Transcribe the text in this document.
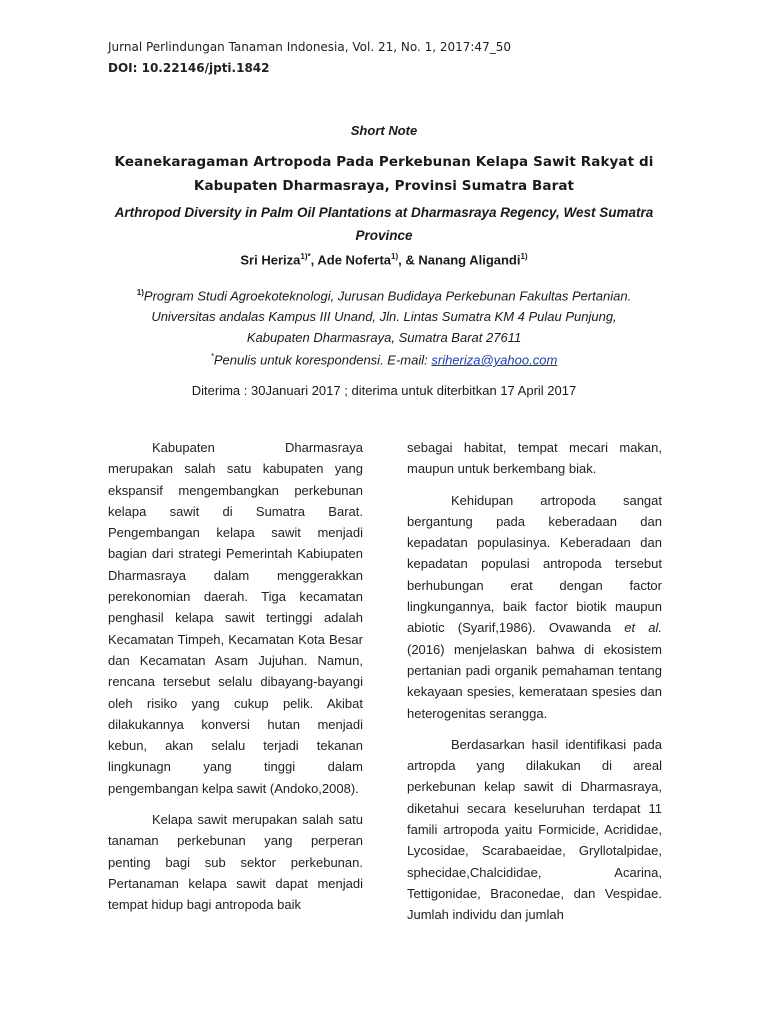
Jurnal Perlindungan Tanaman Indonesia, Vol. 21, No. 1, 2017:47_50
DOI: 10.22146/jpti.1842
Short Note
Keanekaragaman Artropoda Pada Perkebunan Kelapa Sawit Rakyat di Kabupaten Dharmasraya, Provinsi Sumatra Barat
Arthropod Diversity in Palm Oil Plantations at Dharmasraya Regency, West Sumatra Province
Sri Heriza$^{1)*}$, Ade Noferta$^{1)}$, & Nanang Aligandi$^{1)}$
$^{1)}$Program Studi Agroekoteknologi, Jurusan Budidaya Perkebunan Fakultas Pertanian.
Universitas andalas Kampus III Unand, Jln. Lintas Sumatra KM 4 Pulau Punjung,
Kabupaten Dharmasraya, Sumatra Barat 27611
*Penulis untuk korespondensi. E-mail: sriheriza@yahoo.com
Diterima : 30Januari 2017 ; diterima untuk diterbitkan 17 April 2017

Kabupaten Dharmasraya merupakan salah satu kabupaten yang ekspansif mengembangkan perkebunan kelapa sawit di Sumatra Barat. Pengembangan kelapa sawit menjadi bagian dari strategi Pemerintah Kabiupaten Dharmasraya dalam menggerakkan perekonomian daerah. Tiga kecamatan penghasil kelapa sawit tertinggi adalah Kecamatan Timpeh, Kecamatan Kota Besar dan Kecamatan Asam Jujuhan. Namun, rencana tersebut selalu dibayang-bayangi oleh risiko yang cukup pelik. Akibat dilakukannya konversi hutan menjadi kebun, akan selalu terjadi tekanan lingkunagn yang tinggi dalam pengembangan kelpa sawit (Andoko,2008).

Kelapa sawit merupakan salah satu tanaman perkebunan yang perperan penting bagi sub sektor perkebunan. Pertanaman kelapa sawit dapat menjadi tempat hidup bagi antropoda baik

sebagai habitat, tempat mecari makan, maupun untuk berkembang biak.

Kehidupan artropoda sangat bergantung pada keberadaan dan kepadatan populasinya. Keberadaan dan kepadatan populasi antropoda tersebut berhubungan erat dengan factor lingkungannya, baik factor biotik maupun abiotic (Syarif,1986). Ovawanda et al. (2016) menjelaskan bahwa di ekosistem pertanian padi organik pemahaman tentang kekayaan spesies, kemerataan spesies dan heterogenitas serangga.

Berdasarkan hasil identifikasi pada artropda yang dilakukan di areal perkebunan kelap sawit di Dharmasraya, diketahui secara keseluruhan terdapat 11 famili artropoda yaitu Formicide, Acrididae, Lycosidae, Scarabaeidae, Gryllotalpidae, sphecidae,Chalcididae, Acarina, Tettigonidae, Braconedae, dan Vespidae. Jumlah individu dan jumlah
